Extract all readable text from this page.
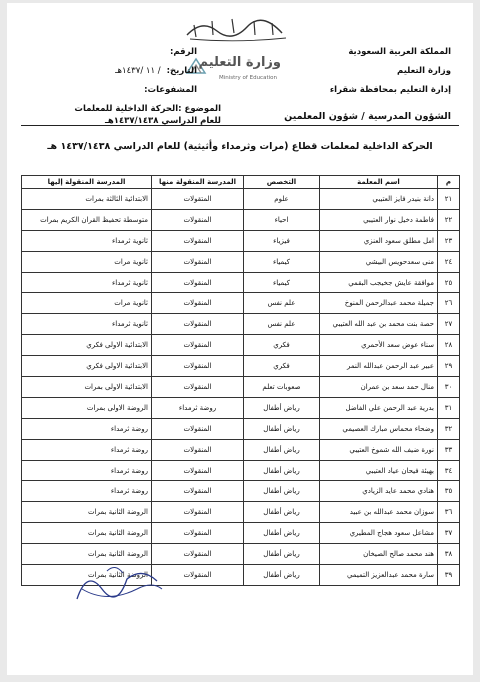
المملكة العربية السعودية
وزارة التعليم
إدارة التعليم بمحافظة شقراء
وزارة التعليم
Ministry of Education
الرقم:
التاريخ:/ ١١ /١٤٣٧هـ
المشفوعات:
الشؤون المدرسية / شؤون المعلمين
الموضوع :الحركة الداخلية للمعلمات
للعام الدراسي ١٤٣٧/١٤٣٨هـ
الحركة الداخلية لمعلمات قطاع (مرات وثرمداء وأثيثية) للعام الدراسي ١٤٣٧/١٤٣٨ هـ
م	اسم المعلمة	التخصص	المدرسة المنقولة منها	المدرسة المنقولة إليها
٢١	دانة بنيدر فايز العتيبي	علوم	المتقولات	الابتدائية الثالثة بمرات
٢٢	فاطمة دخيل نوار العتيبي	احياء	المنقولات	متوسطة تحفيظ القران الكريم بمرات
٢٣	امل مطلق سعود العنزي	فيزياء	المنقولات	ثانوية ثرمداء
٢٤	منى سعدحويس البيشي	كيمياء	المنقولات	ثانوية مرات
٢٥	موافقة عايش جخيجب البقمي	كيمياء	المنقولات	ثانوية ثرمداء
٢٦	جميلة محمد عبدالرحمن المنوخ	علم نفس	المنقولات	ثانوية مرات
٢٧	حصة بنت محمد بن عبد الله العتيبي	علم نفس	المنقولات	ثانوية ثرمداء
٢٨	سناء عوض سعد الأحمري	فكري	المنقولات	الابتدائية الاولى فكري
٢٩	عبير عبد الرحمن عبدالله النمر	فكري	المنقولات	الابتدائية الاولى فكري
٣٠	منال حمد سعد بن عمران	صعوبات تعلم	المنقولات	الابتدائية الاولى بمرات
٣١	بدرية عبد الرحمن علي الفاضل	رياض أطفال	روضة ثرمداء	الروضة الاولى بمرات
٣٢	وضحاء محماس مبارك العصيمي	رياض أطفال	المنقولات	روضة ثرمداء
٣٣	نورة ضيف الله شموخ العتيبي	رياض أطفال	المنقولات	روضة ثرمداء
٣٤	بهيئة فيحان عياد العتيبي	رياض أطفال	المنقولات	روضة ثرمداء
٣٥	هنادي محمد عايد الزيادي	رياض أطفال	المنقولات	روضة ثرمداء
٣٦	سوزان محمد عبدالله بن عبيد	رياض أطفال	المنقولات	الروضة الثانية بمرات
٣٧	مشاعل سعود هجاج المطيري	رياض أطفال	المنقولات	الروضة الثانية بمرات
٣٨	هند محمد صالح الصيخان	رياض أطفال	المنقولات	الروضة الثانية بمرات
٣٩	سارة محمد عبدالعزيز التميمي	رياض أطفال	المنقولات	الروضة الثانية بمرات
